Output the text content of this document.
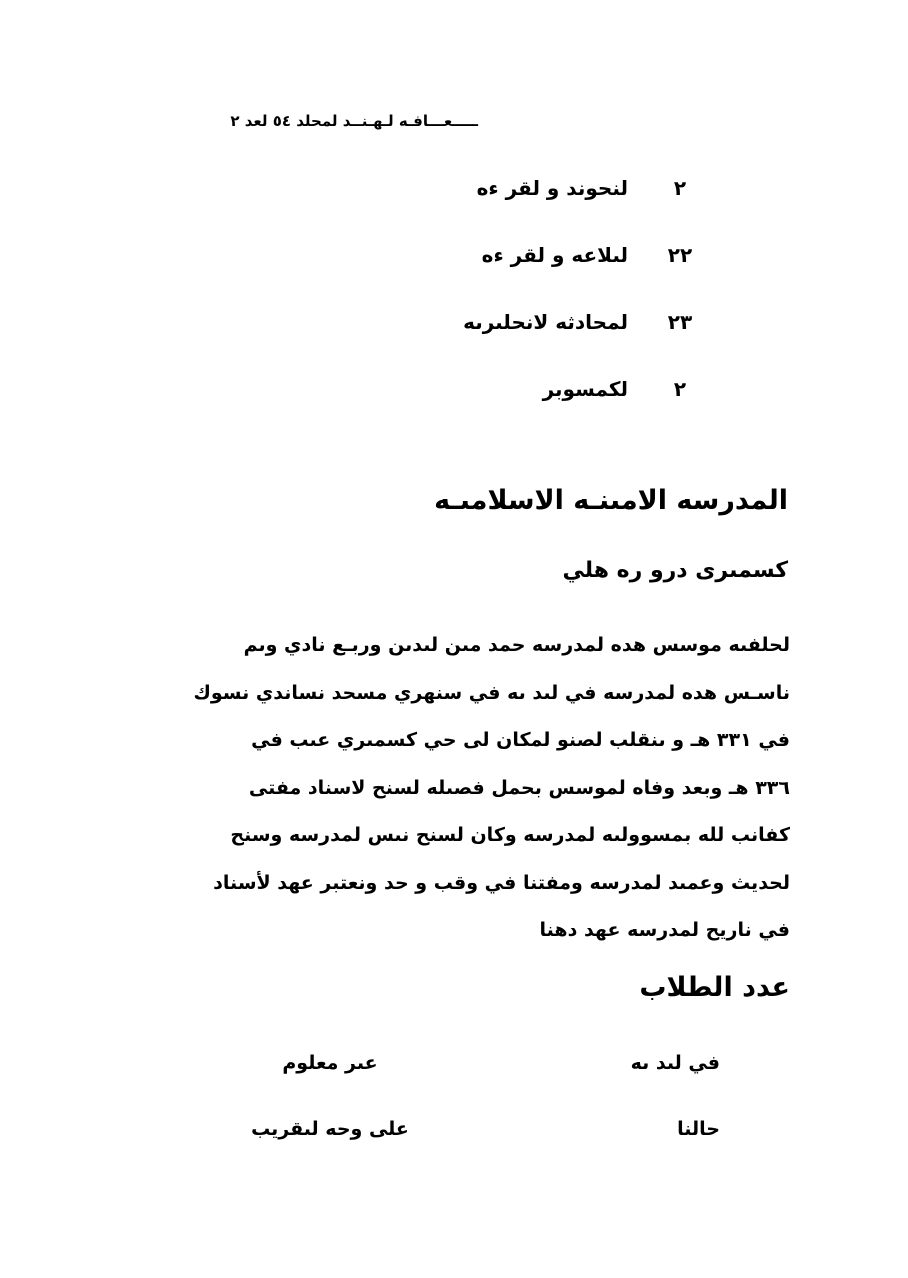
ـــــعـــافـه لـهـنــد لمحلد ٥٤ لعد ٢
٢
لنحوند و لقر ءه
٢٢
لىلاعه و لقر ءه
٢٣
لمحادثه لانحلىرىه
٢
لكمسوبر
المدرسه الامىنـه الاسلامىـه
كسمىرى درو ره هلي
لحلفىه موسس هده لمدرسه حمد مىن لىدىن وربـع نادي وىم
ناسـس هده لمدرسه في لىد ىه في سنهري مسحد نساندي نسوك
في ٣٣١ هـ و ىنقلب لصنو لمكان لى حي كسمىري عىب في
٣٣٦ هـ وبعد وفاه لموسس بحمل فصىله لسنح لاسناد مفتى
كفانب لله بمسوولىه لمدرسه وكان لسنح نىس لمدرسه وسنح
لحديث وعمىد لمدرسه ومفتنا في وقب و حد ونعتبر عهد لأسناد
في ناريح لمدرسه عهد دهنا
عدد الطلاب
في لىد ىه
عىر معلوم
حالنا
على وحه لىقريب
